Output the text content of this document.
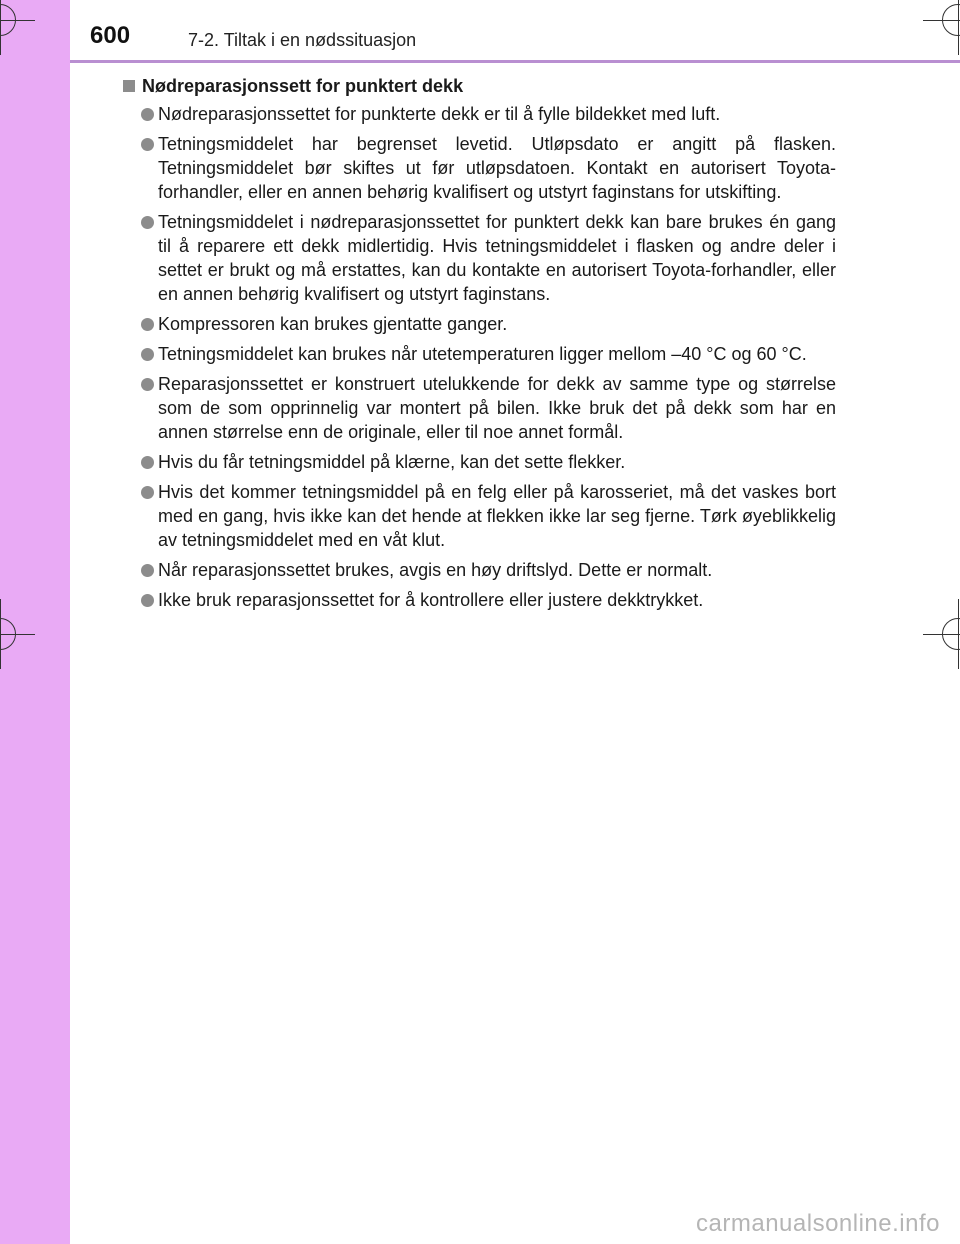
600	7-2. Tiltak i en nødssituasjon
Nødreparasjonssett for punktert dekk
Nødreparasjonssettet for punkterte dekk er til å fylle bildekket med luft.
Tetningsmiddelet har begrenset levetid. Utløpsdato er angitt på flasken. Tetningsmiddelet bør skiftes ut før utløpsdatoen. Kontakt en autorisert Toyota-forhandler, eller en annen behørig kvalifisert og utstyrt faginstans for utskifting.
Tetningsmiddelet i nødreparasjonssettet for punktert dekk kan bare brukes én gang til å reparere ett dekk midlertidig. Hvis tetningsmiddelet i flasken og andre deler i settet er brukt og må erstattes, kan du kontakte en autorisert Toyota-forhandler, eller en annen behørig kvalifisert og utstyrt faginstans.
Kompressoren kan brukes gjentatte ganger.
Tetningsmiddelet kan brukes når utetemperaturen ligger mellom –40 °C og 60 °C.
Reparasjonssettet er konstruert utelukkende for dekk av samme type og størrelse som de som opprinnelig var montert på bilen. Ikke bruk det på dekk som har en annen størrelse enn de originale, eller til noe annet formål.
Hvis du får tetningsmiddel på klærne, kan det sette flekker.
Hvis det kommer tetningsmiddel på en felg eller på karosseriet, må det vaskes bort med en gang, hvis ikke kan det hende at flekken ikke lar seg fjerne. Tørk øyeblikkelig av tetningsmiddelet med en våt klut.
Når reparasjonssettet brukes, avgis en høy driftslyd. Dette er normalt.
Ikke bruk reparasjonssettet for å kontrollere eller justere dekktrykket.
carmanualsonline.info
